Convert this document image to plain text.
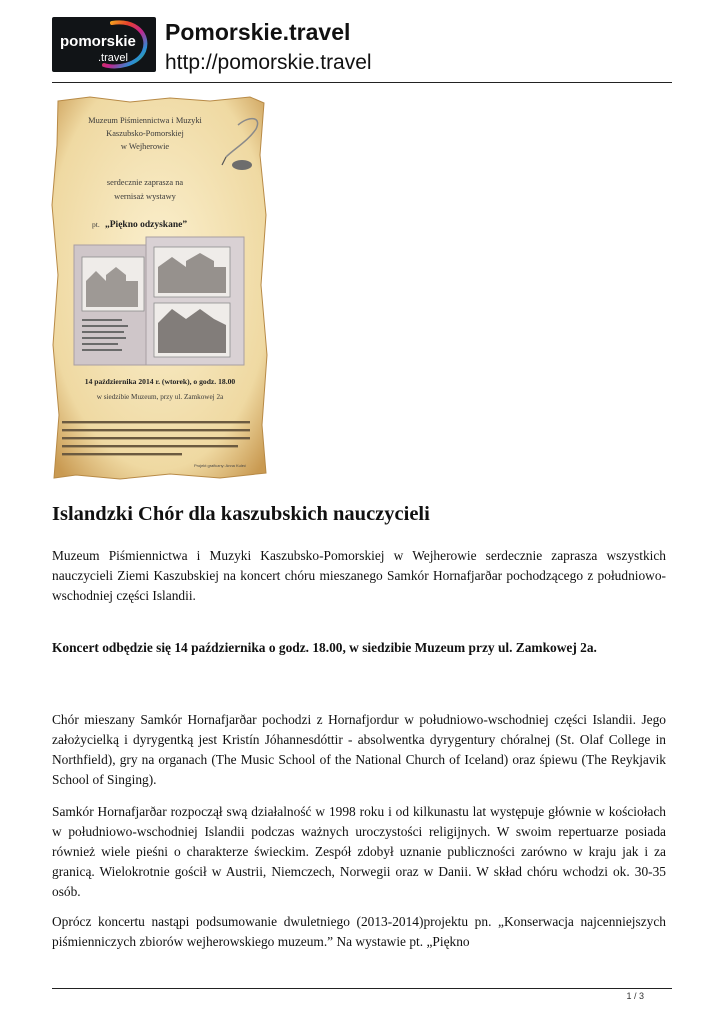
pomorskie
.travel
Pomorskie.travel
http://pomorskie.travel
Muzeum Piśmiennictwa i Muzyki
Kaszubsko-Pomorskiej
w Wejherowie
serdecznie zaprasza na
wernisaż wystawy
pt. „Piękno odzyskane”
14 października 2014 r. (wtorek), o godz. 18.00
w siedzibie Muzeum, przy ul. Zamkowej 2a
Projekt graficzny: Anna Kuleć
Islandzki Chór dla kaszubskich nauczycieli

Muzeum Piśmiennictwa i Muzyki Kaszubsko-Pomorskiej w Wejherowie serdecznie zaprasza wszystkich nauczycieli Ziemi Kaszubskiej na koncert chóru mieszanego Samkór Hornafjarðar pochodzącego z południowo-wschodniej części Islandii.

Koncert odbędzie się 14 października o godz. 18.00, w siedzibie Muzeum przy ul. Zamkowej 2a.

Chór mieszany Samkór Hornafjarðar pochodzi z Hornafjordur w południowo-wschodniej części Islandii. Jego założycielką i dyrygentką jest Kristín Jóhannesdóttir - absolwentka dyrygentury chóralnej (St. Olaf College in Northfield), gry na organach (The Music School of the National Church of Iceland) oraz śpiewu (The Reykjavik School of Singing).

Samkór Hornafjarðar rozpoczął swą działalność w 1998 roku i od kilkunastu lat występuje głównie w kościołach w południowo-wschodniej Islandii podczas ważnych uroczystości religijnych. W swoim repertuarze posiada również wiele pieśni o charakterze świeckim. Zespół zdobył uznanie publiczności zarówno w kraju jak i za granicą. Wielokrotnie gościł w Austrii, Niemczech, Norwegii oraz w Danii. W skład chóru wchodzi ok. 30-35 osób.

Oprócz koncertu nastąpi podsumowanie dwuletniego (2013-2014)projektu pn. „Konserwacja najcenniejszych piśmienniczych zbiorów wejherowskiego muzeum.” Na wystawie pt. „Piękno

1 / 3
